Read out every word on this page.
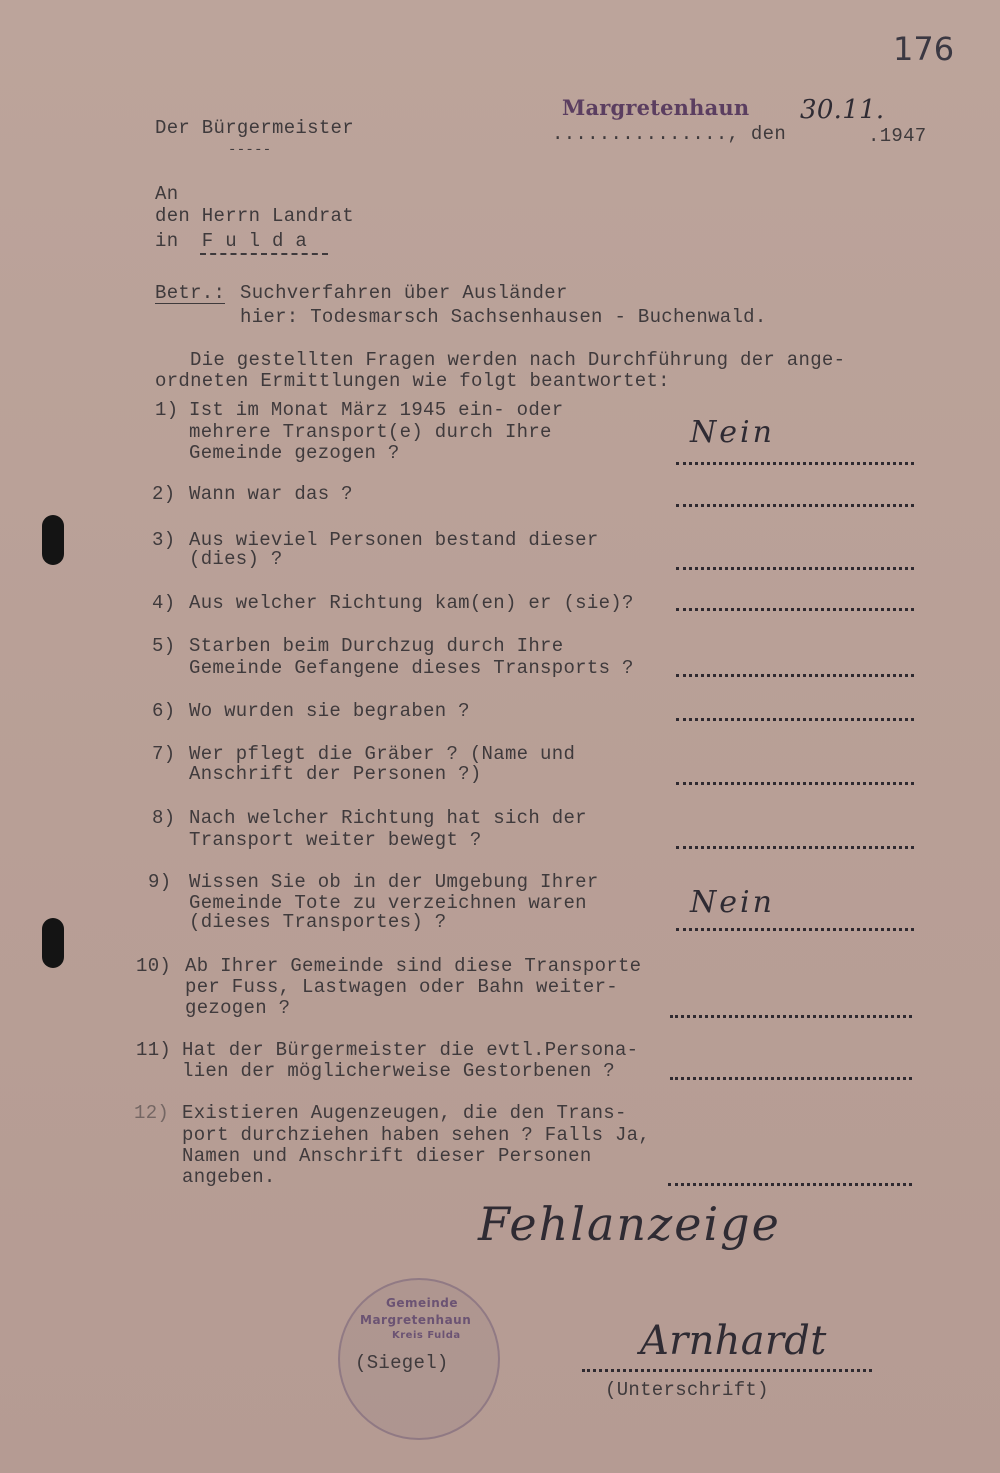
176
Der Bürgermeister
-----
Margretenhaun
..............., den
30.11.
.1947
An
den Herrn Landrat
in  F u l d a
Betr.: Suchverfahren über Ausländer
hier: Todesmarsch Sachsenhausen - Buchenwald.
Die gestellten Fragen werden nach Durchführung der ange-
ordneten Ermittlungen wie folgt beantwortet:
1) Ist im Monat März 1945 ein- oder
mehrere Transport(e) durch Ihre
Gemeinde gezogen ?
Nein
2) Wann war das ?
3) Aus wieviel Personen bestand dieser
(dies) ?
4) Aus welcher Richtung kam(en) er (sie)?
5) Starben beim Durchzug durch Ihre
Gemeinde Gefangene dieses Transports ?
6) Wo wurden sie begraben ?
7) Wer pflegt die Gräber ? (Name und
Anschrift der Personen ?)
8) Nach welcher Richtung hat sich der
Transport weiter bewegt ?
9) Wissen Sie ob in der Umgebung Ihrer
Gemeinde Tote zu verzeichnen waren
(dieses Transportes) ?
Nein
10) Ab Ihrer Gemeinde sind diese Transporte
per Fuss, Lastwagen oder Bahn weiter-
gezogen ?
11) Hat der Bürgermeister die evtl.Persona-
lien der möglicherweise Gestorbenen ?
12) Existieren Augenzeugen, die den Trans-
port durchziehen haben sehen ? Falls Ja,
Namen und Anschrift dieser Personen
angeben.
Fehlanzeige
Gemeinde
Margretenhaun
Kreis Fulda
(Siegel)	Arnhardt
(Unterschrift)
